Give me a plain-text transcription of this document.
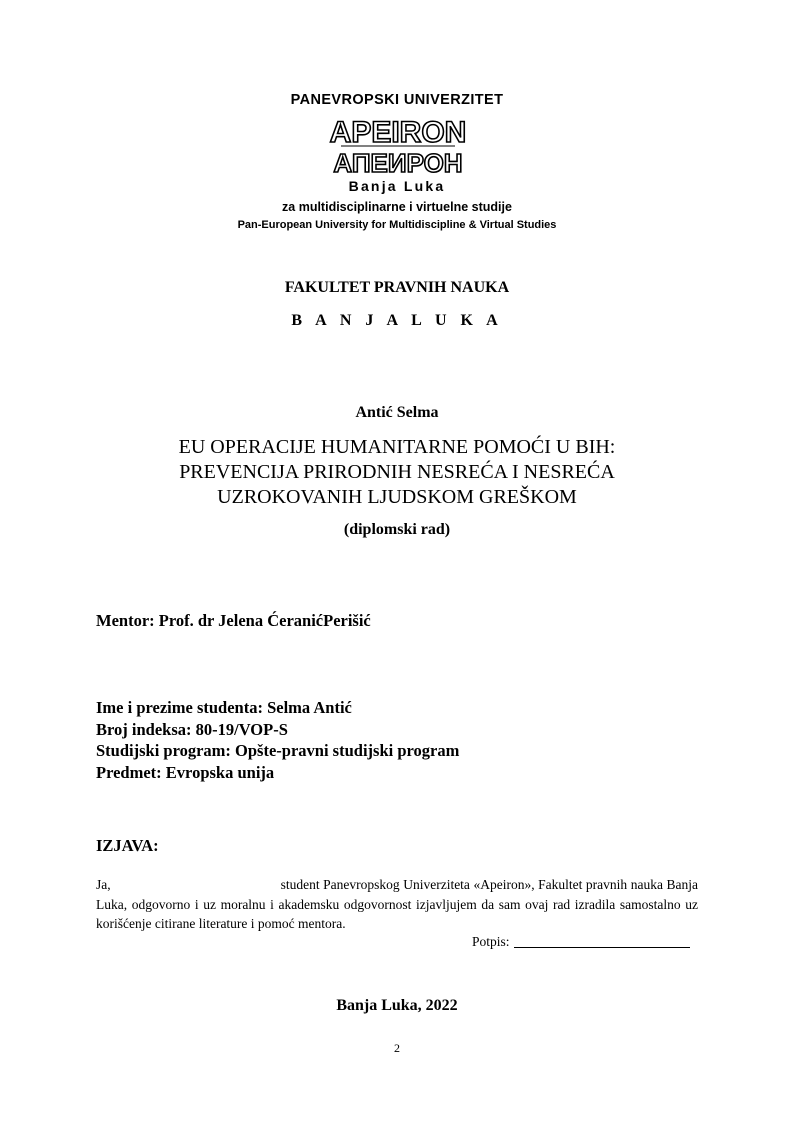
PANEVROPSKI UNIVERZITET
APEIRON
АПЕИРОН
Banja Luka
za multidisciplinarne i virtuelne studije
Pan-European University for Multidiscipline & Virtual Studies
FAKULTET PRAVNIH NAUKA
B A N J A L U K A
Antić Selma
EU OPERACIJE HUMANITARNE POMOĆI U BIH:
PREVENCIJA PRIRODNIH NESREĆA I NESREĆA
UZROKOVANIH LJUDSKOM GREŠKOM
(diplomski rad)
Mentor: Prof. dr Jelena ĆeranićPerišić
Ime i prezime studenta: Selma Antić
Broj indeksa: 80-19/VOP-S
Studijski program: Opšte-pravni studijski program
Predmet: Evropska unija
IZJAVA:
Ja,	student Panevropskog Univerziteta «Apeiron», Fakultet pravnih nauka Banja Luka, odgovorno i uz moralnu i akademsku odgovornost izjavljujem da sam ovaj rad izradila samostalno uz korišćenje citirane literature i pomoć mentora.
Potpis:
Banja Luka, 2022
2
